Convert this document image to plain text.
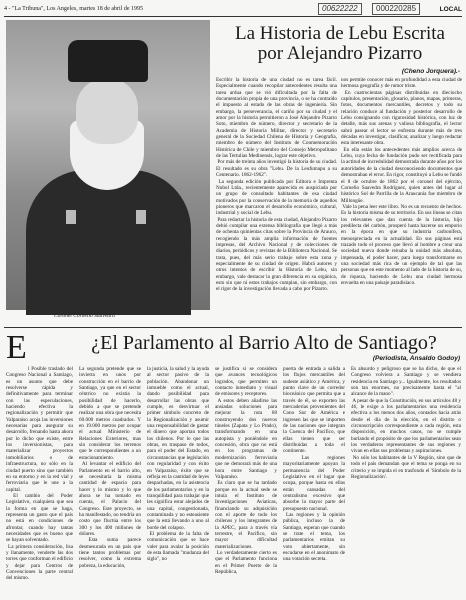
4 - "La Tribuna", Los Angeles, martes 18 de abril de 1995	LOCAL
00622222	000220285
Coronel Cornelio Saavedra
La Historia de Lebu Escrita
por Alejandro Pizarro
(Cheno Jorquera).-
Escribir la historia de una ciudad no es tarea fácil. Especialmente cuando recopilar antecedentes resulta una tarea ardua que se vió dificultada por la falta de documentación propia de una provincia, o se ha contraído el impuesto al estado de las obras de ingeniería. Sin embargo, la perseverancia, el cariño por su ciudad y el amor por la historia permitieron a José Alejandro Pizarro Soto, miembro de número, director y secretario de la Academia de Historia Militar, director y secretario general de la Sociedad Chilena de Historia y Geografía, miembro de número del Instituto de Conmemoración Histórica de Chile y miembro del Consejo Metropolitano de las Tertulias Medinensis, lograr este objetivo.
Por más de treinta años investigó la historia de su ciudad. El resultado es su obra "Lebu. De la Leufumapu a su Centenario. 1862-1962".
La segunda edición publicada por Editora e Imprenta Nubol Ltda., recientemente aparecida es auspiciada por un grupo de consultado habitantes de esa ciudad motivados por la conservación de la memoria de aquellos pioneros que marcaron el desarrollo económico, cultural, industrial y social de Lebu.
Para redactar la historia de esta ciudad, Alejandro Pizarro debió compilar una extensa bibliografía que llegó a más de ochenta quinientas citas sobre la Provincia de Arauco, recogiendo la más amplia información de fuentes impresas, del Archivo Nacional y de colecciones de diarios, periódicos y revistas de la Biblioteca Nacional. Se trata, pues, del más serio trabajo sobre esta zona y especialmente de su ciudad de origen. Habrá autores y otros intentos de escribir la Historia de Lebu, sin embargo, vale destacar la gran diferencia en su orgánica, esto sin que ni estos trabajos cumplan, sin embargo, con el rigor de la investigación llevada a cabo por Pizarro.
nos permite conocer más en profundidad a esta ciudad de hermosa geografía y de rumor triste.
En cuatrocientas páginas distribuidas en dieciocho capítulos, presentación, glosario, planos, mapas, primeras, fotos, documentos mercantiles, decretos y todo su relación conduce al fundación y posterior desarrollo de Lebu consignando con rigurosidad histórica, con luz de detalle, más sus arenas y valiosa bibliografía, el lector sabrá pasear el lector se enfrenta durante más de tres décadas en investigar, clasificar, analizar y luego redactar esta interesante obra.
En ella están los antecedentes más amplios acerca de Lebu, cuya fecha de fundación pudo ser rectificada para la actitud de incredulidad demostrada durante años por los autoridades de la ciudad desconociendo documentos que demostraban el error. En rigor, constituyó a Lebu se fundó el 8 de octubre de 1862 por el coronel del ejército, Cornelio Saavedra Rodríguez, quien antes del lugar al histórico Sol de Parrilla de la Araucanía fue miembro de Millongüe.
Vale la pena leer este libro. No es un recuento de hechos. Es la historia misma de su territorio. En sus líneas se citan los relevantes que dan cuenta de la historia, hijo predilecta del carbón, prosperó hasta hacerse un emporio en la época en que su industria carbonífera, menospreciada en la actualidad. En sus páginas está trazado todo el proceso que llevó al hombre a crear una sociedad nueva donde reinaba la unidad más absoluta, impensada, el poder hacer, para luego transformarse en una sociedad más rica de un ejemplo de tal que las personas que en este momento al lado de la historia de su, de riqueza, haciendo de Lebu una ciudad hermosa envuelta en una paisaje paradisíaco.
E	¿El Parlamento al Barrio Alto de Santiago?
(Periodista, Ansaldo Godoy)
l Posible traslado del Congreso Nacional a Santiago, es un asunto que debe resolverse rápida y definitivamente para terminar con las especulaciones, haciendo efectiva la regionalización y permitir que Valparaíso acoja las inversiones necesarias para asegurar su desarrollo, frenando hasta ahora por lo dicho que existe, entre los inversionistas, para materializar proyectos inmobiliarios o de infraestructura, no sólo en la ciudad puerto sino que también en su entorno y en la red vial y ferroviaria que le une a la capital.
El cambio del Poder Legislativo, cualquiera que sea la forma en que se haga, representa un gasto que el país no está en condiciones de afrontar, cuando hay tantas necesidades que es bueno que se hayan solventado.
La primera consideración, lisa y llanamente, venderte las dos torres que conforman el edificio y dejar para Centros de Convenciones la parte central del mismo.
La segunda pretende que se invierta en unos por construcción en el barrio de Santiago, ya que en el sector céntrico no existía la posibilidad de hacerlo, debido a que se pretende realizar una obra que necesita 60.000 metros cuadrados. Y en 19.000 metros por ocupar el actual Ministerio de Relaciones Exteriores, mas sin considerar los terrenos que le correspondientes a un estacionamiento.
Al levantar el edificio del Parlamento en el barrio alto, se necesitaría la misma cantidad de espacio para hacer y lo mismo y lo que ahora se ha tomado en cuenta, el Palacio del Congreso. Este proyecto, se ha manifestado, no tendría un costo que fluctúa entre los 300 y los 400 millones de dólares.
Esta suma parece desmesurada en un país que tiene tantos problemas por resolver, como la extrema pobreza, la educación,
la justicia, la salud y la ayuda al sector pasivo de la población. Abandonar un inmueble como el actual, dando posibilidad para desarrollar las obras que cumple, es desvirtuar el primer símbolo concreto de la Regionalización y asumir una responsabilidad de gastar el dinero que aportan todos los chilenos. Por lo que las obras, en traspaso de todos, para el poder del Estado, en circunstancias que legislación con regularidad y con éxito en Valparaíso, éxito que se refleja en la cantidad de leyes despachadas, en la asistencia de los parlamentarios y en la tranquilidad para trabajar que les significa estar alejados de una capital, congestionada, contaminada y no esteasiente que la está llevando a uno al borde del colapso.
El problema de la falta de comunicación que se hace valer para avalar la posición de esta llamada "mudanza del siglo", no
se justifica si se considera que avances tecnológicos logrados, que permiten un contacto inmediato y visual de emisores y receptores.
A estos deben añadirse las ansiadas soluciones para mejorar la ruta 68 construyendo dos nuevos túneles (Zapata y Lo Prado), transformando en una autopista y poniéndole en concesión, obra que no está en los programas de modernización ferroviaria que ne demorará más de una hora entre Santiago y Valparaíso.
Es claro que se ha tardado porque en la actual sede se intuía el Instituto de Investigaciones Aviaticas, financiando su adquisición con el aporte de todo los chilenos y los integrantes de la APEC, para a través vía terrestre, el Pacífico, sin mayor dificultad materializaciones.
Lo verdaderamente cierto es que el Parlamento funciona en el Primer Puerto de la República,
puerta de entrada a salida a los flujos mercantiles del sudeste asiático y América, y punto clave de un corredor bioceánico que permita que a través de él, se exporten las mercaderías provenientes del Cono Sur de América e ingresen las que se importen de las naciones que integran la Cuenca del Pacífico, que ellas tienen que ser distribuidas a toda el continente.
Las regiones mayoritariamente apoyan la permanencia del Poder Legislativo en el lugar que ocupa, porque hasta en ellas están cansadas del centralismo excesivo que absorbe la mayor parte del presupuesto nacional.
Las regiones y la opinión pública, incluso la de Santiago, esperan que cuando se trate el tema, los parlamentarios emitan su voto abiertamente, sin escudarse en el anonimato de una votación secreta.
Es absurdo y peligroso que se ha dicho, de que el Congreso volviera a Santiago y se vendiera residencia en Santiago y... Igualmente, los resultados son tan enormes, no precisamente hasta el "al alcance de la mano".
A pesar de que la Constitución, en sus artículos 48 y 46, le exige a los parlamentarios una residencia efectiva a los menos dos años, contados hacia atrás desde el día de la elección, en el distrito o circunscripción correspondiente a cada región, esta disposición, en muchos casos, no se cumple burlando el propósito de que los parlamentarios sean los verdaderos representantes de sus regiones y vivan en ellas sus problemas y aspiraciones.
No sólo los habitantes de la V Región, sino que de todo el país demandan que el tema se ponga en su criterio y se impida el en trasfondo el 'Símbolo de la Regionalización'.
